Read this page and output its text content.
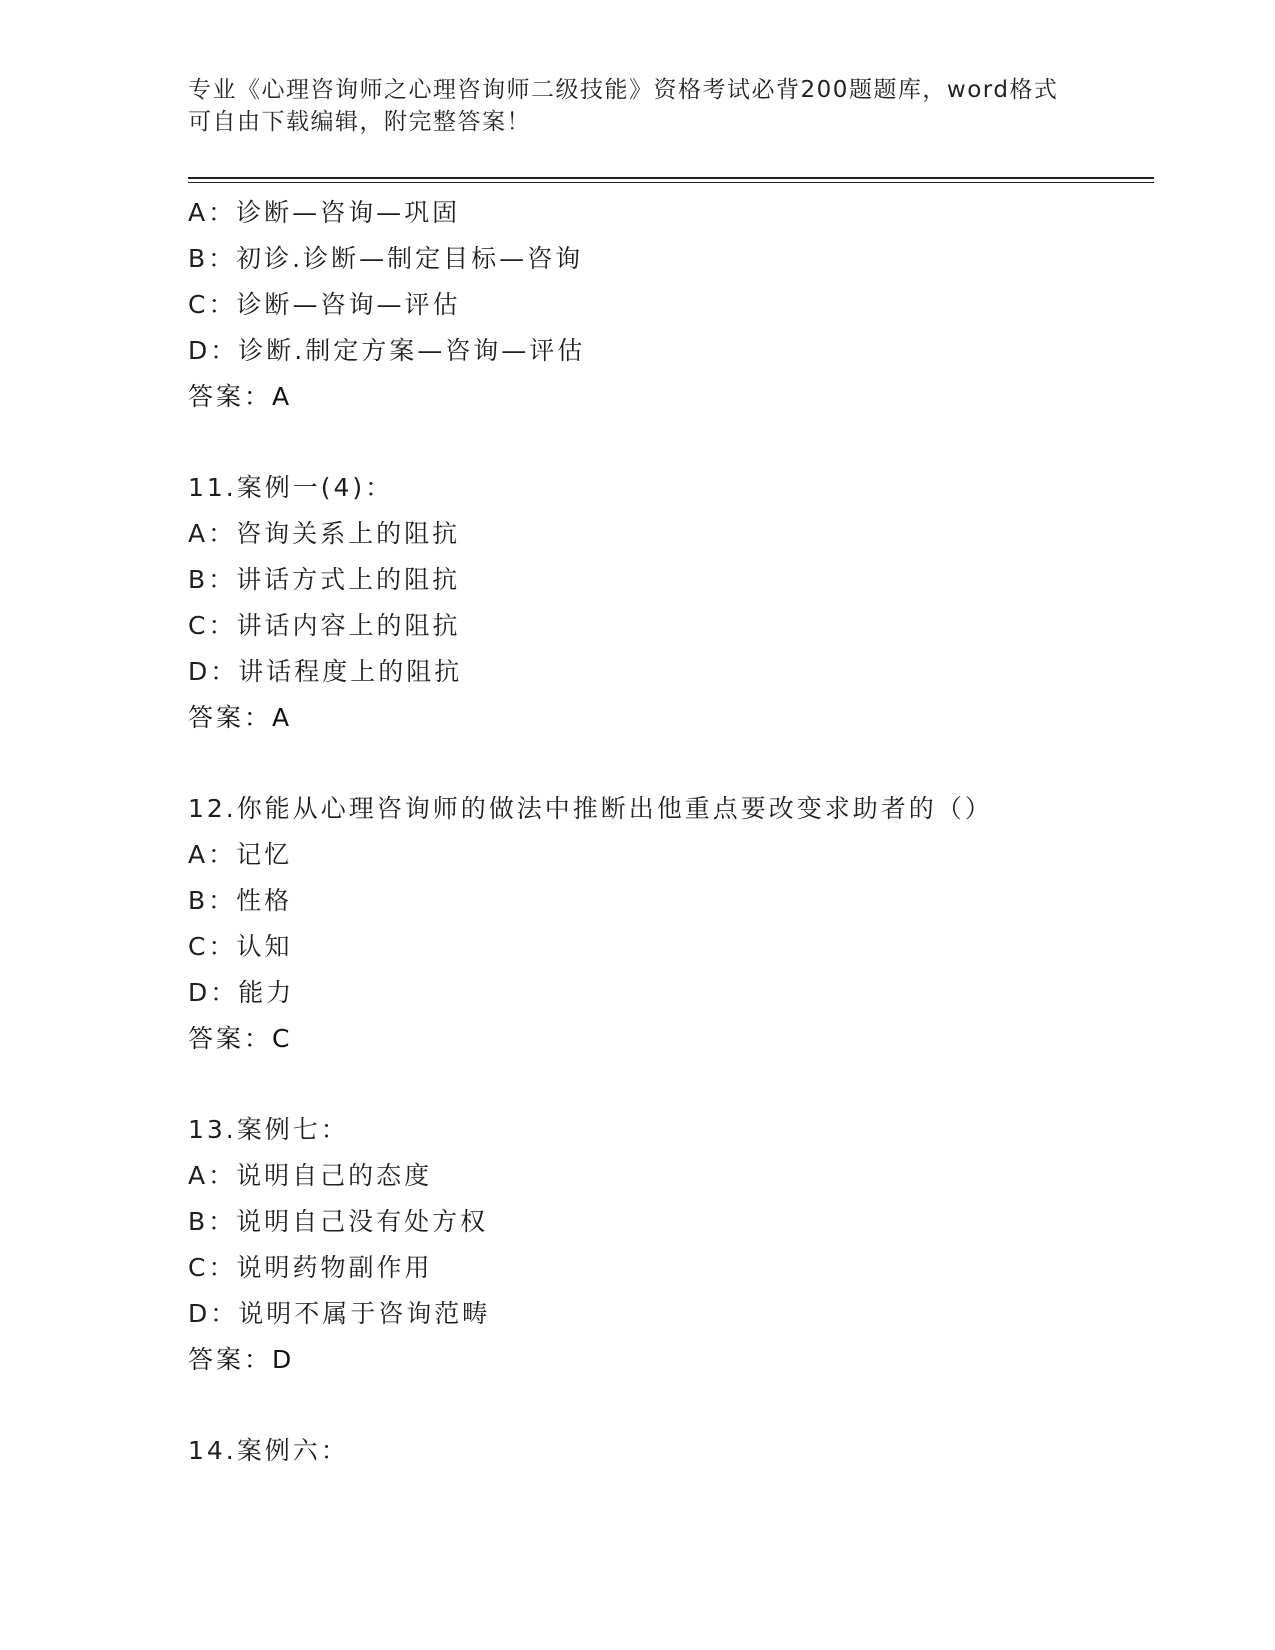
专业《心理咨询师之心理咨询师二级技能》资格考试必背200题题库，word格式
可自由下载编辑，附完整答案！
A：诊断—咨询—巩固
B：初诊.诊断—制定目标—咨询
C：诊断—咨询—评估
D：诊断.制定方案—咨询—评估
答案：A
11.案例一(4)：
A：咨询关系上的阻抗
B：讲话方式上的阻抗
C：讲话内容上的阻抗
D：讲话程度上的阻抗
答案：A
12.你能从心理咨询师的做法中推断出他重点要改变求助者的（）
A：记忆
B：性格
C：认知
D：能力
答案：C
13.案例七：
A：说明自己的态度
B：说明自己没有处方权
C：说明药物副作用
D：说明不属于咨询范畴
答案：D
14.案例六：
